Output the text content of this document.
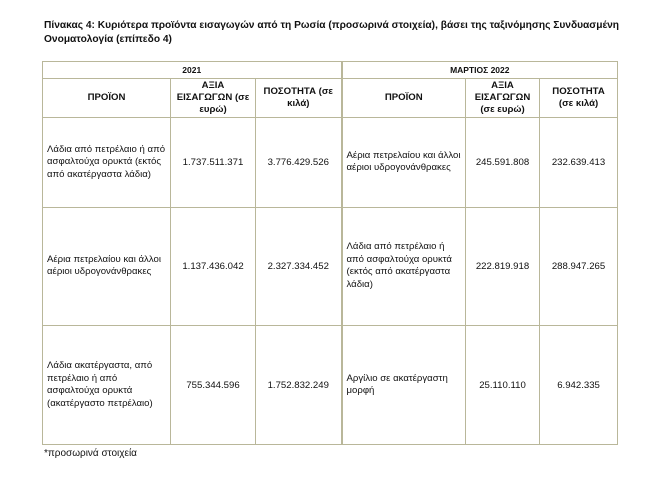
Πίνακας 4: Κυριότερα προϊόντα εισαγωγών από τη Ρωσία (προσωρινά στοιχεία), βάσει της ταξινόμησης Συνδυασμένη Ονοματολογία (επίπεδο 4)
2021			ΜΑΡΤΙΟΣ 2022		
ΠΡΟΪΟΝ	ΑΞΙΑ ΕΙΣΑΓΩΓΩΝ (σε ευρώ)	ΠΟΣΟΤΗΤΑ (σε κιλά)	ΠΡΟΪΟΝ	ΑΞΙΑ ΕΙΣΑΓΩΓΩΝ (σε ευρώ)	ΠΟΣΟΤΗΤΑ (σε κιλά)
Λάδια από πετρέλαιο ή από ασφαλτούχα ορυκτά (εκτός από ακατέργαστα λάδια)	1.737.511.371	3.776.429.526	Αέρια πετρελαίου και άλλοι αέριοι υδρογονάνθρακες	245.591.808	232.639.413
Αέρια πετρελαίου και άλλοι αέριοι υδρογονάνθρακες	1.137.436.042	2.327.334.452	Λάδια από πετρέλαιο ή από ασφαλτούχα ορυκτά (εκτός από ακατέργαστα λάδια)	222.819.918	288.947.265
Λάδια ακατέργαστα, από πετρέλαιο ή από ασφαλτούχα ορυκτά (ακατέργαστο πετρέλαιο)	755.344.596	1.752.832.249	Αργίλιο σε ακατέργαστη μορφή	25.110.110	6.942.335
*προσωρινά στοιχεία
